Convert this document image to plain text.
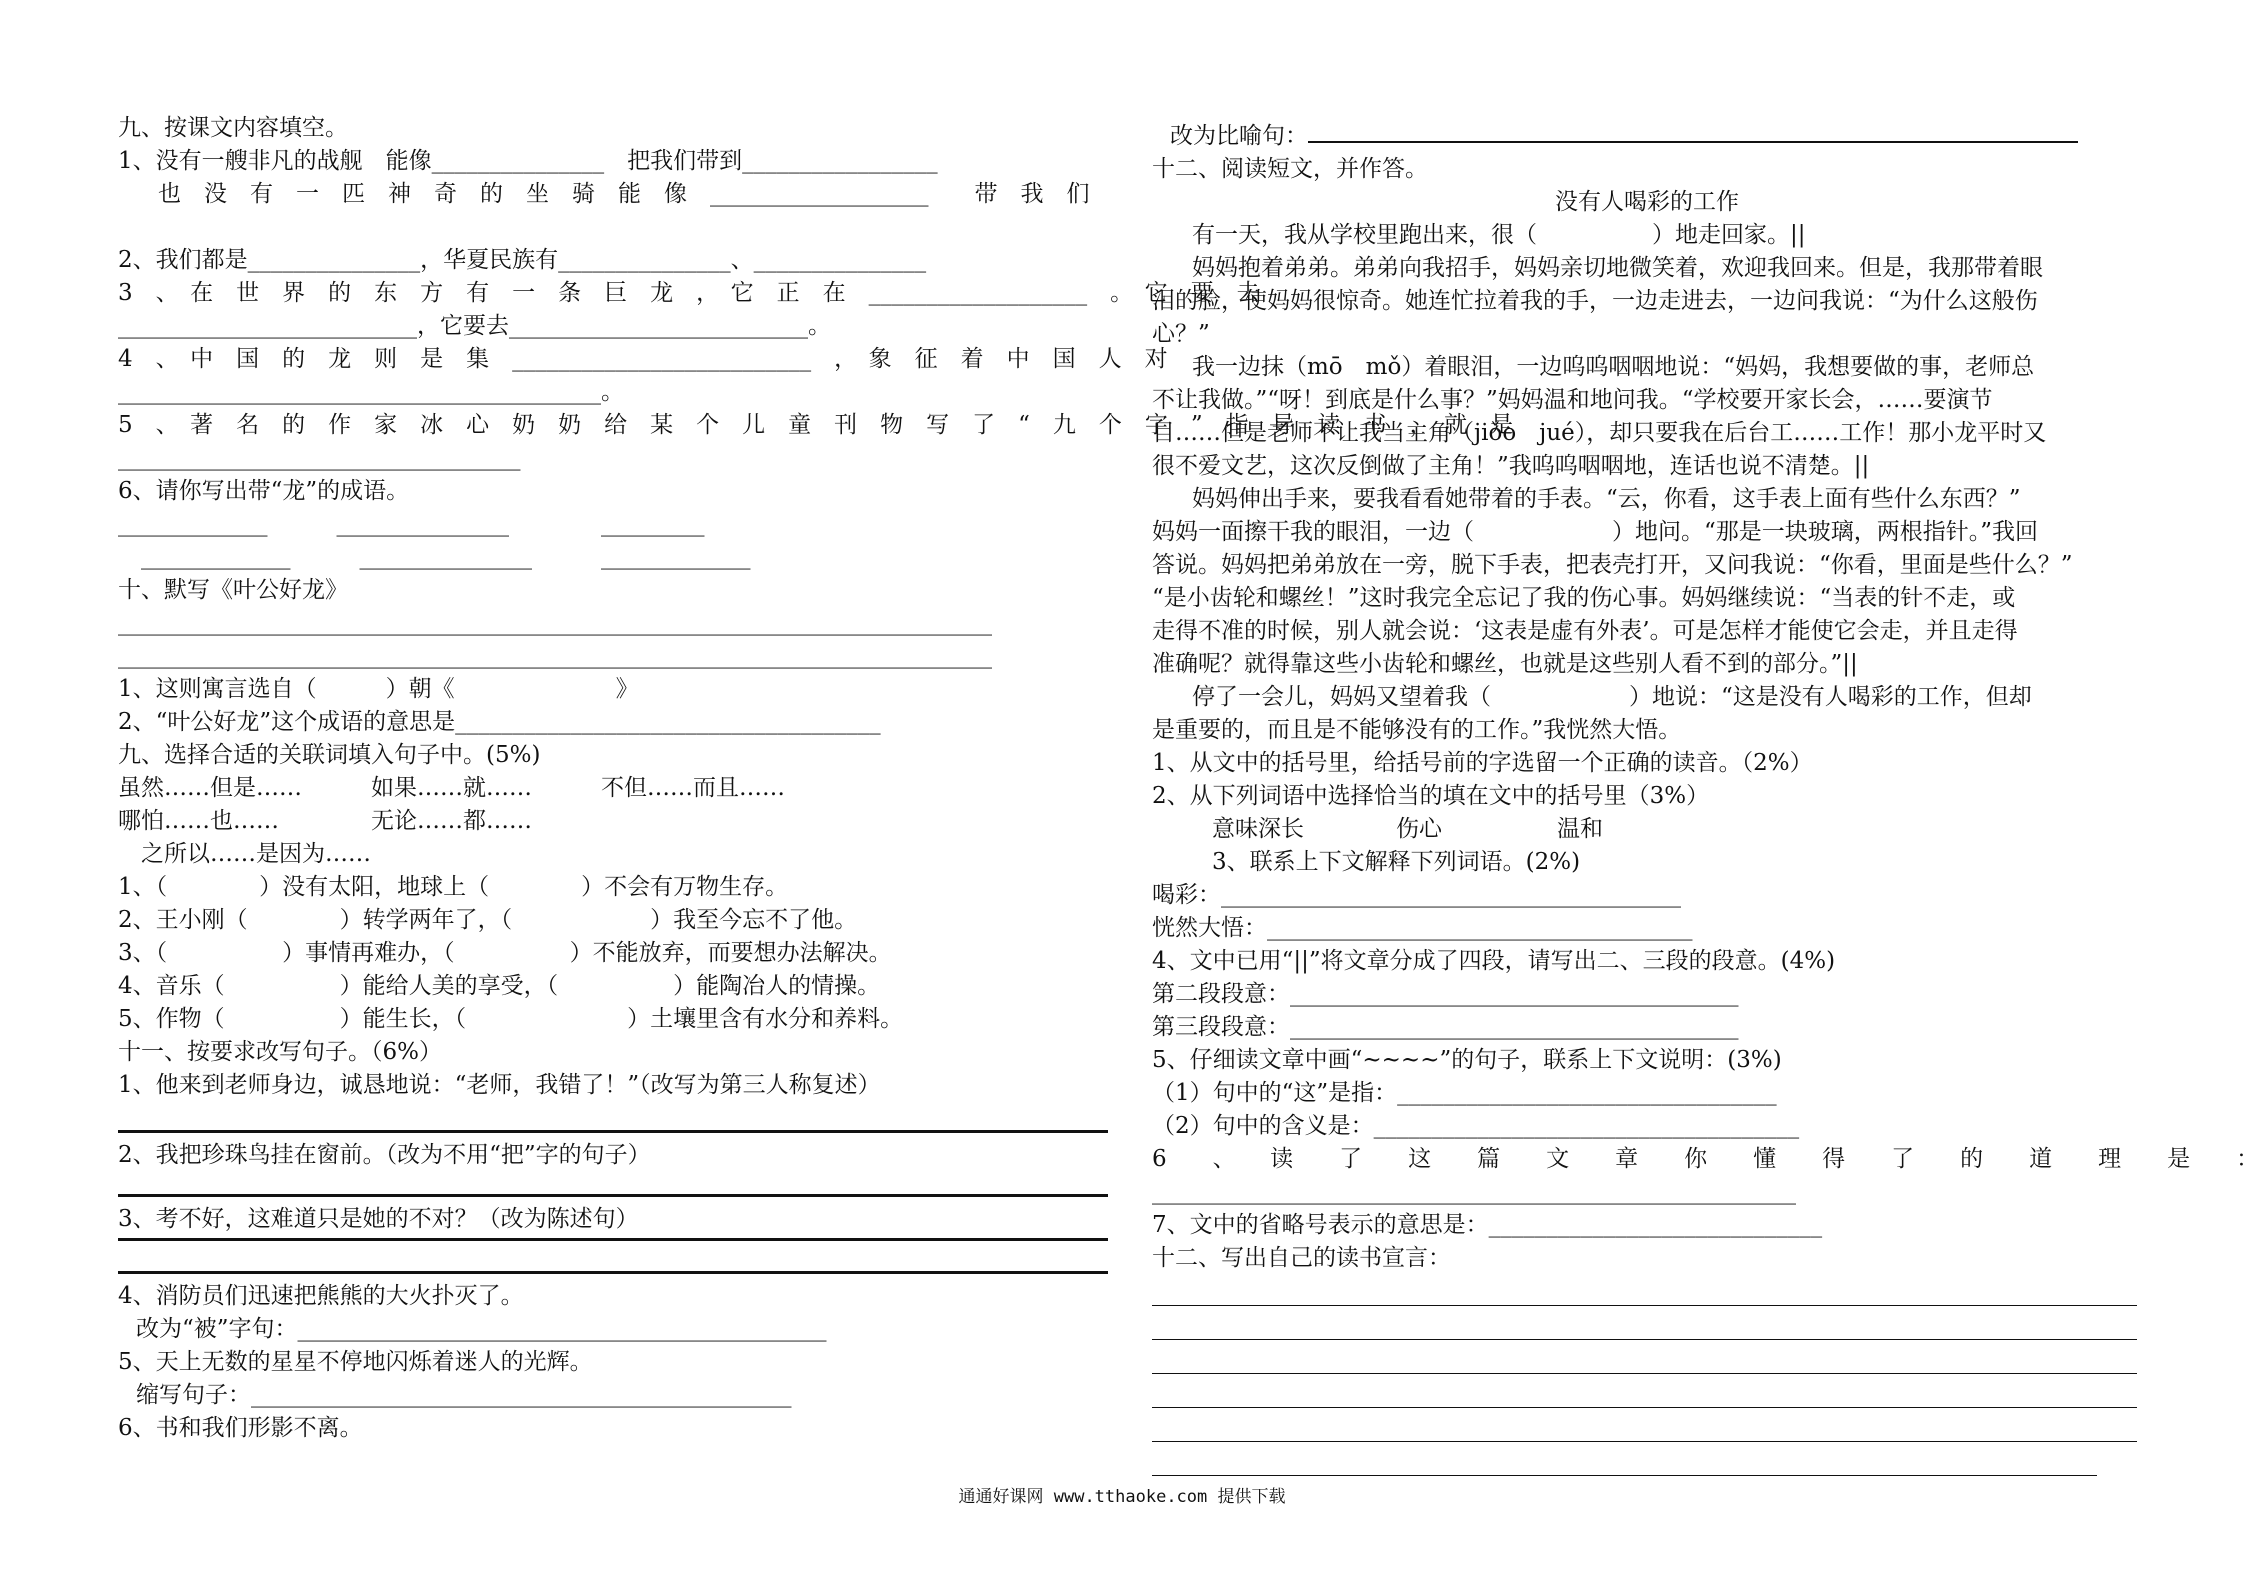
九、按课文内容填空。
1、没有一艘非凡的战舰　能像_______________　把我们带到_________________
也　没　有　一　匹　神　奇　的　坐　骑　能　像　___________________　　带　我　们
2、我们都是_______________，华夏民族有_______________、_______________
3　、　在　世　界　的　东　方　有　一　条　巨　龙　，　它　正　在　___________________　。　它　要　去
__________________________，它要去__________________________。
4　、　中　国　的　龙　则　是　集　__________________________　，　象　征　着　中　国　人　对
__________________________________________。
5　、　著　名　的　作　家　冰　心　奶　奶　给　某　个　儿　童　刊　物　写　了　“　九　个　字　”　指　导　读　书　，　就　是
___________________________________
6、请你写出带“龙”的成语。
_____________　　　_______________　　　　_________
　_____________　　　_______________　　　_____________
十、默写《叶公好龙》
____________________________________________________________________________
____________________________________________________________________________
1、这则寓言选自（　　　）朝《　　　　　　　》
2、“叶公好龙”这个成语的意思是_____________________________________
九、选择合适的关联词填入句子中。(5%)
虽然……但是……　　　如果……就……　　　不但……而且……
哪怕……也……　　　　无论……都……
　之所以……是因为……
1、（　　　　）没有太阳，地球上（　　　　）不会有万物生存。
2、王小刚（　　　　）转学两年了，（　　　　　　）我至今忘不了他。
3、（　　　　　）事情再难办，（　　　　　）不能放弃，而要想办法解决。
4、音乐（　　　　　）能给人美的享受，（　　　　　）能陶冶人的情操。
5、作物（　　　　　）能生长，（　　　　　　　）土壤里含有水分和养料。
十一、按要求改写句子。（6%）
1、他来到老师身边，诚恳地说：“老师，我错了！”（改写为第三人称复述）
2、我把珍珠鸟挂在窗前。（改为不用“把”字的句子）
3、考不好，这难道只是她的不对？（改为陈述句）
4、消防员们迅速把熊熊的大火扑灭了。
改为“被”字句：______________________________________________
5、天上无数的星星不停地闪烁着迷人的光辉。
缩写句子：_______________________________________________
6、书和我们形影不离。
改为比喻句：
十二、阅读短文，并作答。
没有人喝彩的工作
有一天，我从学校里跑出来，很（　　　　　）地走回家。||
妈妈抱着弟弟。弟弟向我招手，妈妈亲切地微笑着，欢迎我回来。但是，我那带着眼
泪的脸，使妈妈很惊奇。她连忙拉着我的手，一边走进去，一边问我说：“为什么这般伤
心？”
我一边抹（mō　mǒ）着眼泪，一边呜呜咽咽地说：“妈妈，我想要做的事，老师总
不让我做。”“呀！到底是什么事？”妈妈温和地问我。“学校要开家长会，……要演节
目……但是老师不让我当主角（jiǒo　jué），却只要我在后台工……工作！那小龙平时又
很不爱文艺，这次反倒做了主角！”我呜呜咽咽地，连话也说不清楚。||
妈妈伸出手来，要我看看她带着的手表。“云，你看，这手表上面有些什么东西？”
妈妈一面擦干我的眼泪，一边（　　　　　　）地问。“那是一块玻璃，两根指针。”我回
答说。妈妈把弟弟放在一旁，脱下手表，把表壳打开，又问我说：“你看，里面是些什么？”
“是小齿轮和螺丝！”这时我完全忘记了我的伤心事。妈妈继续说：“当表的针不走，或
走得不准的时候，别人就会说：‘这表是虚有外表’。可是怎样才能使它会走，并且走得
准确呢？就得靠这些小齿轮和螺丝，也就是这些别人看不到的部分。”||
停了一会儿，妈妈又望着我（　　　　　　）地说：“这是没有人喝彩的工作，但却
是重要的，而且是不能够没有的工作。”我恍然大悟。
1、从文中的括号里，给括号前的字选留一个正确的读音。（2%）
2、从下列词语中选择恰当的填在文中的括号里（3%）
意味深长　　　　伤心　　　　　温和
3、联系上下文解释下列词语。(2%)
喝彩：________________________________________
恍然大悟：_____________________________________
4、文中已用“||”将文章分成了四段，请写出二、三段的段意。(4%)
第二段段意：_______________________________________
第三段段意：_______________________________________
5、仔细读文章中画“~~~~”的句子，联系上下文说明：(3%)
（1）句中的“这”是指：_________________________________
（2）句中的含义是：_____________________________________
6　　、　　读　　了　　这　　篇　　文　　章　　你　　懂　　得　　了　　的　　道　　理　　是　　：
________________________________________________________
7、文中的省略号表示的意思是：_____________________________
十二、写出自己的读书宣言：
通通好课网 www.tthaoke.com 提供下载
